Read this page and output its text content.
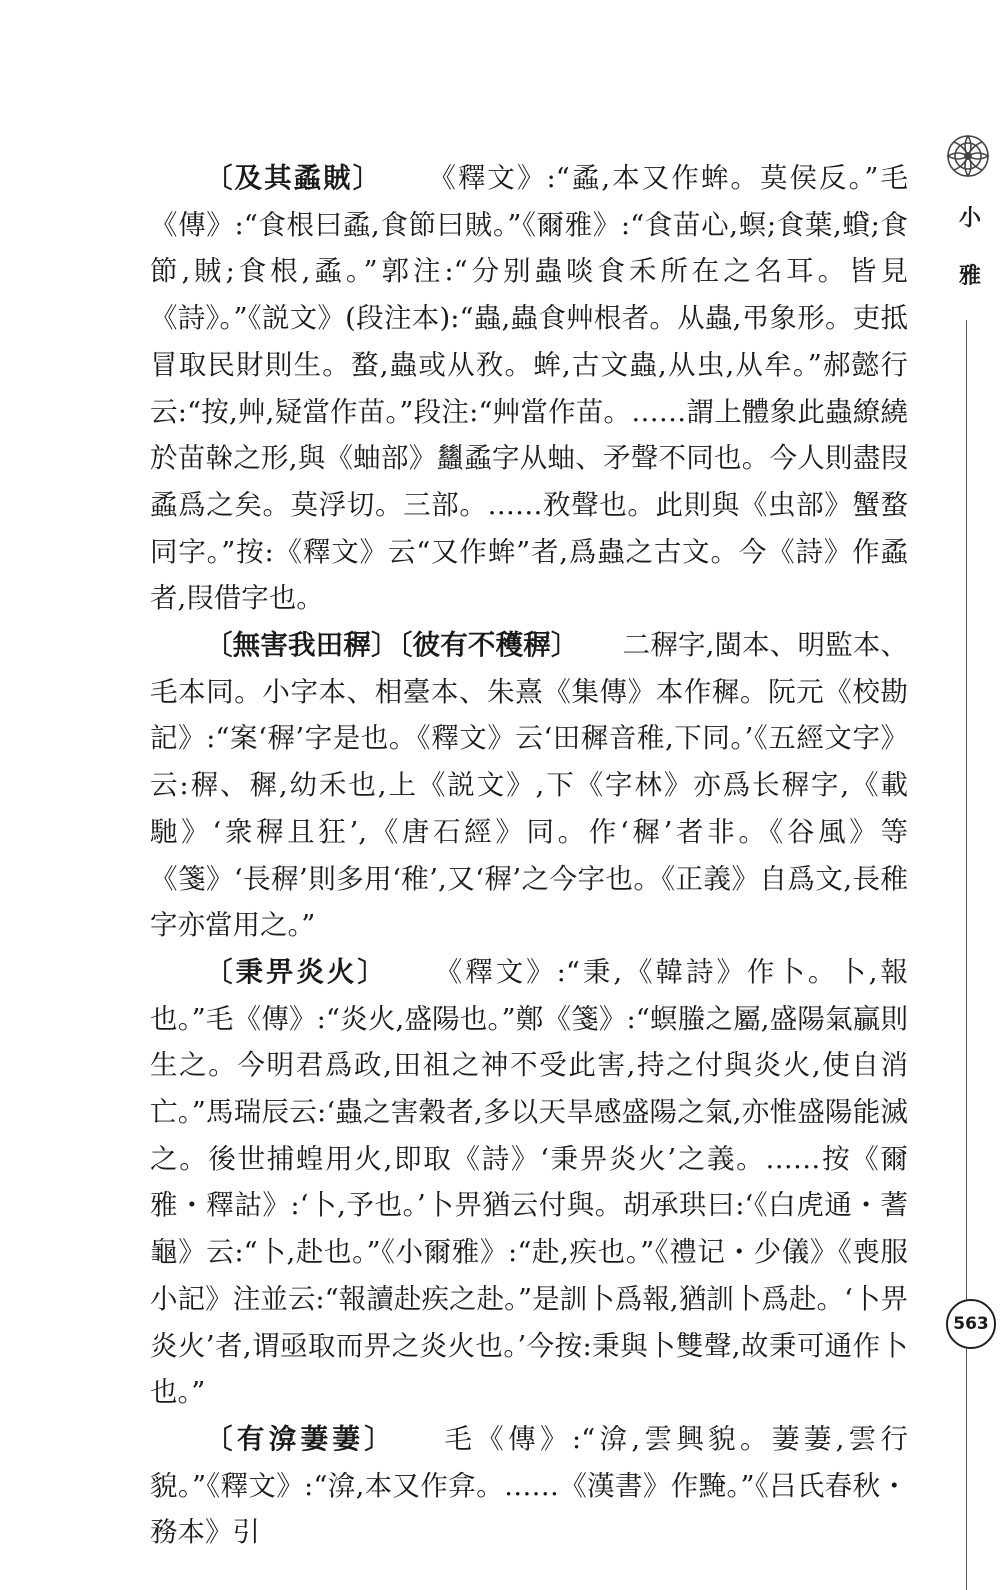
小
雅

〔及其蟊賊〕 《釋文》:“蟊,本又作蛑。莫侯反。”毛《傳》:“食根曰蟊,食節曰賊。”《爾雅》:“食苗心,螟;食葉,蟘;食節,賊;食根,蟊。”郭注:“分别蟲啖食禾所在之名耳。皆見《詩》。”《説文》(段注本):“蟲,蟲食艸根者。从蟲,弔象形。吏抵冒取民財則生。蝥,蟲或从敄。蛑,古文蟲,从虫,从牟。”郝懿行云:“按,艸,疑當作苗。”段注:“艸當作苗。……謂上體象此蟲繚繞於苗榦之形,與《蚰部》蠿蟊字从蚰、矛聲不同也。今人則盡叚蟊爲之矣。莫浮切。三部。……敄聲也。此則與《虫部》蟹蝥同字。”按:《釋文》云“又作蛑”者,爲蟲之古文。今《詩》作蟊者,叚借字也。

〔無害我田稺〕〔彼有不穫稺〕 二稺字,閩本、明監本、毛本同。小字本、相臺本、朱熹《集傳》本作穉。阮元《校勘記》:“案‘稺’字是也。《釋文》云‘田穉音稚,下同。’《五經文字》云:稺、穉,幼禾也,上《説文》,下《字林》亦爲长稺字,《載馳》‘衆稺且狂’,《唐石經》同。作‘穉’者非。《谷風》等《箋》‘長稺’則多用‘稚’,又‘稺’之今字也。《正義》自爲文,長稚字亦當用之。”

〔秉畀炎火〕 《釋文》:“秉,《韓詩》作卜。卜,報也。”毛《傳》:“炎火,盛陽也。”鄭《箋》:“螟螣之屬,盛陽氣贏則生之。今明君爲政,田祖之神不受此害,持之付與炎火,使自消亡。”馬瑞辰云:‘蟲之害穀者,多以天旱感盛陽之氣,亦惟盛陽能滅之。後世捕蝗用火,即取《詩》‘秉畀炎火’之義。……按《爾雅・釋詁》:‘卜,予也。’卜畀猶云付與。胡承珙曰:‘《白虎通・蓍龜》云:“卜,赴也。”《小爾雅》:“赴,疾也。”《禮记・少儀》《喪服小記》注並云:“報讀赴疾之赴。”是訓卜爲報,猶訓卜爲赴。‘卜畀炎火’者,谓亟取而畀之炎火也。’今按:秉與卜雙聲,故秉可通作卜也。”

〔有渰萋萋〕 毛《傳》:“渰,雲興貌。萋萋,雲行貌。”《釋文》:“渰,本又作弇。……《漢書》作黤。”《吕氏春秋・務本》引

563
